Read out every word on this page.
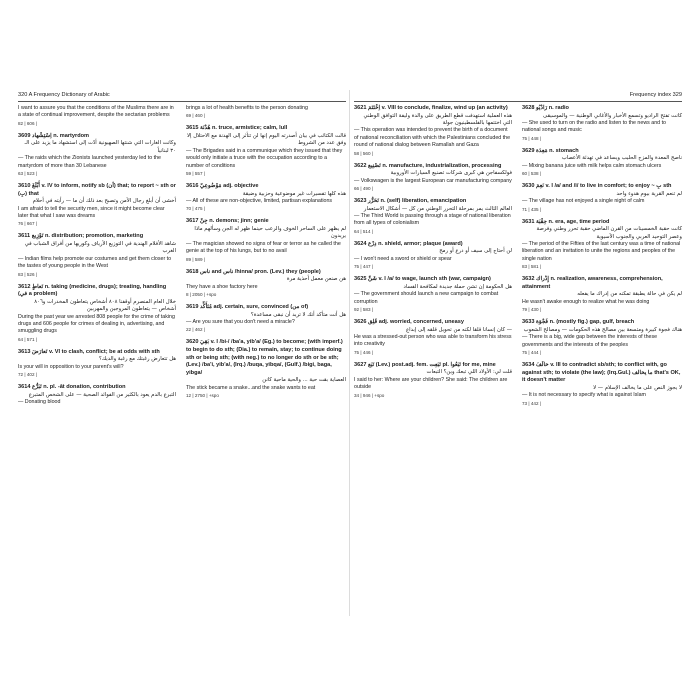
320 A Frequency Dictionary of Arabic
I want to assure you that the conditions of the Muslims there are in a state of continual improvement, despite the sectarian problems
82 | 606 |
3609 اِسْتِشْهاد n. martyrdom
وكانت الغارات التي شنتها الصهيونية أدّت إلى استشهاد ما يزيد على الـ ٣٠ لبنانياً
— The raids which the Zionists launched yesterday led to the martyrdom of more than 30 Lebanese
63 | 523 |
3610 أَبْلَغَ v. IV to inform, notify sb (أن) that; to report ~ sth or (بِ) that
أخشى أن أبلغ رجال الأمن وتصبح بعد ذلك أن ما — رأيته في أحلام
I am afraid to tell the security men, since it might become clear later that what I saw was dreams
76 | 667 |
3611 تَوْزِيع n. distribution; promotion, marketing
شاهد الأفلام الهندية في التوزيع الأرياف وكوريها من أفراق الشباب في الغرب
— Indian films help promote our costumes and get them closer to the tastes of young people in the West
83 | 526 |
3612 تَعاطٍ n. taking (medicine, drugs); treating, handling (في a problem)
خلال العام المنصرم أوقفنا ٨٠٨ أشخاص يتعاطون المخدرات و٨٠٦ أشخاص — يتعاطون المروجين والمهربين
During the past year we arrested 808 people for the crime of taking drugs and 606 people for crimes of dealing in, advertising, and smuggling drugs
64 | 571 |
3613 تَعارَضَ v. VI to clash, conflict; be at odds with sth
هل تتعارض رغبتك مع رغبة والديك؟
Is your will in opposition to your parent's will?
72 | 402 |
3614 تَبَرُّع n. pl. -āt donation, contribution
التبرع بالدم يعود بالكثير من الفوائد الصحية — على الشخص المتبرع
— Donating blood
brings a lot of health benefits to the person donating
69 | 460 |
3615 هُدْنَة n. truce, armistice; calm, lull
قالت الكتائب في بيان أصدرته اليوم إنها لن تتأثر إلى الهدنة مع الاحتلال إلا وفق عدد من الشروط
— The Brigades said in a communique which they issued that they would only initiate a truce with the occupation according to a number of conditions
59 | 557 |
3616 مَوْضُوعِيّ adj. objective
هذه كلها تفسيرات غير موضوعية وحزبية وضيقة
— All of these are non-objective, limited, partisan explanations
70 | 475 |
3617 جِنّ n. demons; jinn; genie
لم يظهر على الساحر الخوف والرعب حينما ظهر له الجن وسألهم ماذا يريدون
— The magician showed no signs of fear or terror as he called the genie at the top of his lungs, but to no avail
89 | 589 |
3618 ناس and ناس /hinna/ pron. (Lev.) they (people)
هن صنعن معمل أحذية مرة
They have a shoe factory here
8 | 2050 | +spo
3619 مُتَأَكِّد adj. certain, sure, convinced (من of)
هل أنت متأكد أنك لا تريد أن نبقى مساعدة؟
— Are you sure that you don't need a miracle?
22 | 462 |
3620 بَقِيَ v. I /bi-/ /ba'a, yib'a/ (Eg.) to become; (with imperf.) to begin to do sth; (Dia.) to remain, stay; to continue doing sth or being sth; (with neg.) to no longer do sth or be sth; (Lev.) /ba'i, yib'a/, (Irq.) /buqa, yibqa/, (Gulf.) /bigi, baga, yibga/
العصاية بقت حية ... والحية ماحية كانن
The stick became a snake...and the snake wants to eat
12 | 2750 | +spo
Frequency index 329
3621 اِخْتَتَمَ v. VIII to conclude, finalize, wind up (an activity)
هذه العملية استهدفت قطع الطريق على والدة وليفة التوافق الوطني التي اختتمها بالفلسطينيون جولة
— This operation was intended to prevent the birth of a document of national reconciliation with which the Palestinians concluded the round of national dialog between Ramallah and Gaza
58 | 560 |
3622 تَصْنِيع n. manufacture, industrialization, processing
فولكسفاجن هي كبرى شركات تصنيع السيارات الأوروبية
— Volkswagen is the largest European car manufacturing company
66 | 490 |
3623 تَحَرُّر n. (self) liberation, emancipation
العالم الثالث يمر بمرحلة التحرر الوطني من كل — أشكال الاستعمار
— The Third World is passing through a stage of national liberation from all types of colonialism
64 | 514 |
3624 دِرْع n. shield, armor; plaque (award)
لن أحتاج إلى سيف أو درع أو رمح
— I won't need a sword or shield or spear
75 | 447 |
3625 شَنَّ v. I /a/ to wage, launch sth (war, campaign)
هل الحكومة إن تشن حملة جديدة لمكافحة الفساد
— The government should launch a new campaign to combat corruption
92 | 583 |
3626 قَلِق adj. worried, concerned, uneasy
— كان إنسانا قلقا لكنه من تحويل قلقه إلى إبداع
He was a stressed-out person who was able to transform his stress into creativity
75 | 446 |
3627 تَبَع (Lev.) post.adj. fem. تَبَعِت pl. تَبَعُوا for me, mine
قلت لي: الأولاد اللي تبعك وين؟ التبعات
I said to her: Where are your children? She said: The children are outside
34 | 946 | +spo
3628 رَادْيُو n. radio
كانت تفتح الراديو وتسمع الأخبار والأغاني الوطنية — والموسيقى
— She used to turn on the radio and listen to the news and to national songs and music
75 | 448 |
3629 مَعِدَة n. stomach
ناصح المعدة والمزج الحليب ويساعد في تهدئة الأعصاب
— Mixing banana juice with milk helps calm stomach ulcers
60 | 538 |
3630 نَعِمَ v. I /a/ and /i/ to live in comfort; to enjoy ~ بِ sth
لم تنعم القرية بيوم هدوء واحد
— The village has not enjoyed a single night of calm
71 | 435 |
3631 حِقْبَة n. era, age, time period
كانت حقبة الخمسينات من القرن الماضي حقبة تحرر وطني وفرصة وعصر التوحيد العربي والجنوب الآسيوية
— The period of the Fifties of the last century was a time of national liberation and an invitation to unite the regions and peoples of the single nation
83 | 581 |
3632 إِدْراك n. realization, awareness, comprehension, attainment
لم يكن في حالة يطبقة تمكنه من إدراك ما يفعله
He wasn't awake enough to realize what he was doing
79 | 430 |
3633 فَجْوَة n. (mostly fig.) gap, gulf, breach
هناك فجوة كبيرة ومتسعة بين مصالح هذه الحكومات — ومصالح الشعوب
— There is a big, wide gap between the interests of these governments and the interests of the peoples
75 | 444 |
3634 خالَفَ v. III to contradict sb/sth; to conflict with, go against sth; to violate (the law); (Irq.Gul.) ما يخالف that's OK, it doesn't matter
لا يجوز النص على ما يخالف الإسلام — لا
— It is not necessary to specify what is against Islam
73 | 442 |
